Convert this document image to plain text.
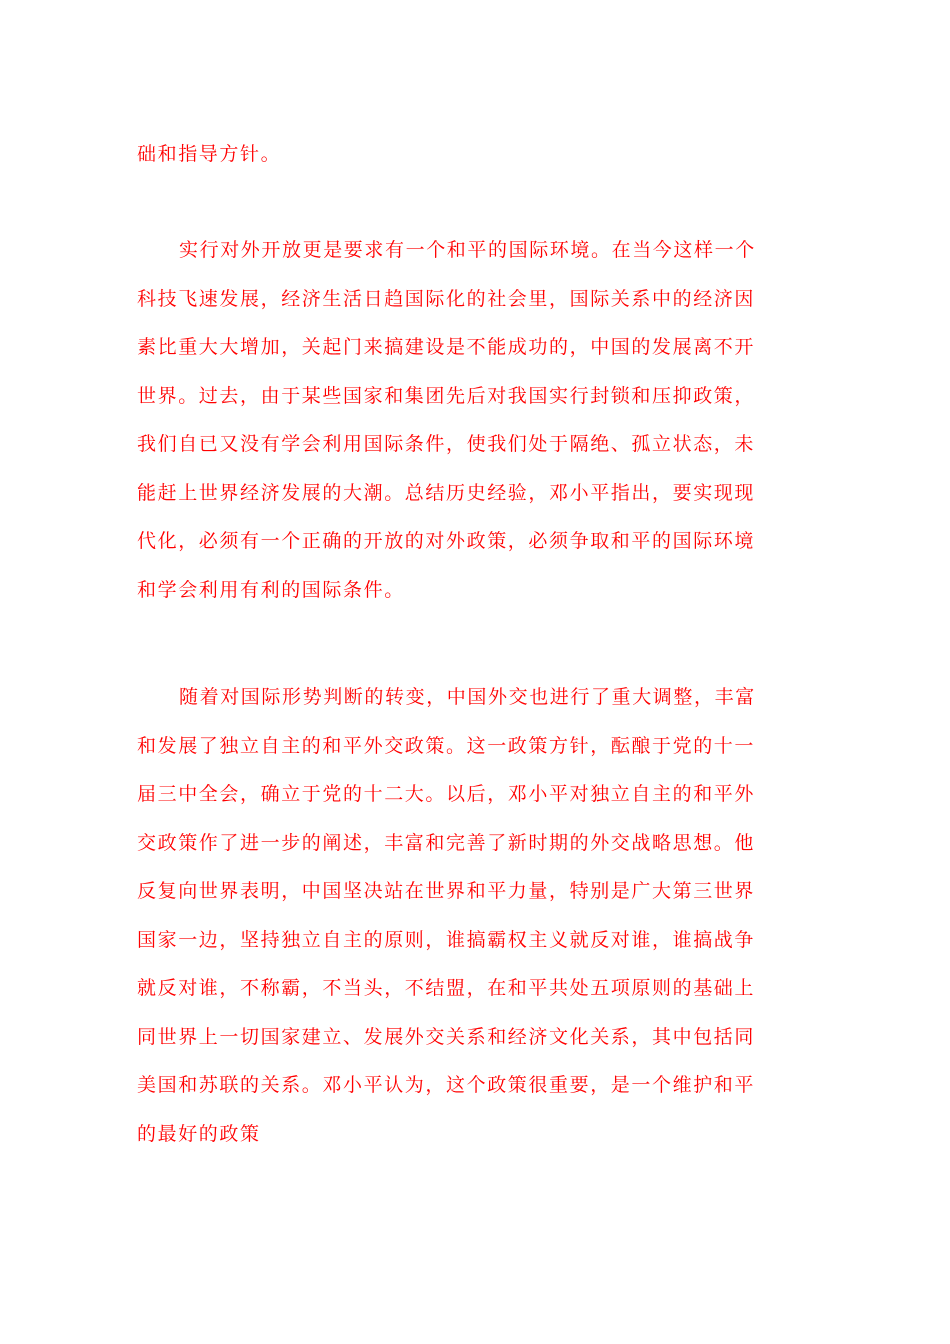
础和指导方针。
实行对外开放更是要求有一个和平的国际环境。在当今这样一个
科技飞速发展，经济生活日趋国际化的社会里，国际关系中的经济因
素比重大大增加，关起门来搞建设是不能成功的，中国的发展离不开
世界。过去，由于某些国家和集团先后对我国实行封锁和压抑政策，
我们自已又没有学会利用国际条件，使我们处于隔绝、孤立状态，未
能赶上世界经济发展的大潮。总结历史经验，邓小平指出，要实现现
代化，必须有一个正确的开放的对外政策，必须争取和平的国际环境
和学会利用有利的国际条件。
随着对国际形势判断的转变，中国外交也进行了重大调整，丰富
和发展了独立自主的和平外交政策。这一政策方针，酝酿于党的十一
届三中全会，确立于党的十二大。以后，邓小平对独立自主的和平外
交政策作了进一步的阐述，丰富和完善了新时期的外交战略思想。他
反复向世界表明，中国坚决站在世界和平力量，特别是广大第三世界
国家一边，坚持独立自主的原则，谁搞霸权主义就反对谁，谁搞战争
就反对谁，不称霸，不当头，不结盟，在和平共处五项原则的基础上
同世界上一切国家建立、发展外交关系和经济文化关系，其中包括同
美国和苏联的关系。邓小平认为，这个政策很重要，是一个维护和平
的最好的政策
